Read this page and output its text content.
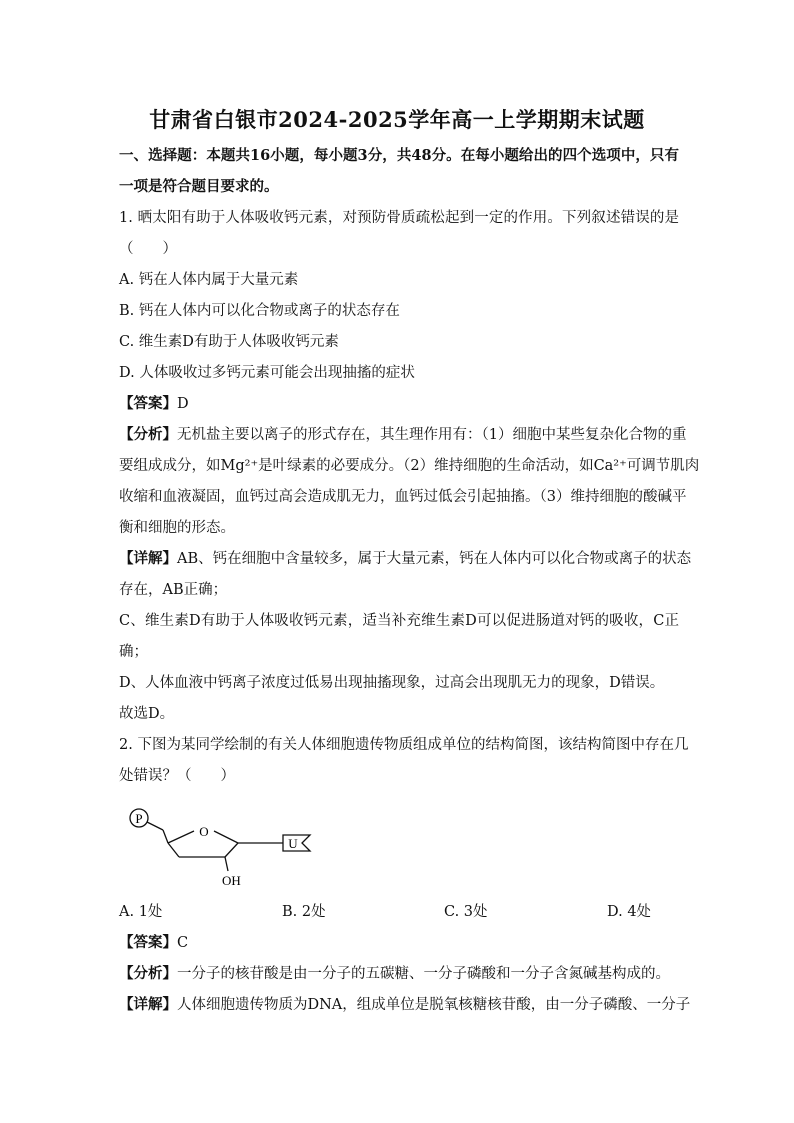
甘肃省白银市2024-2025学年高一上学期期末试题
一、选择题：本题共16小题，每小题3分，共48分。在每小题给出的四个选项中，只有
一项是符合题目要求的。
1. 晒太阳有助于人体吸收钙元素，对预防骨质疏松起到一定的作用。下列叙述错误的是
（　　）
A. 钙在人体内属于大量元素
B. 钙在人体内可以化合物或离子的状态存在
C. 维生素D有助于人体吸收钙元素
D. 人体吸收过多钙元素可能会出现抽搐的症状
【答案】D
【分析】无机盐主要以离子的形式存在，其生理作用有：（1）细胞中某些复杂化合物的重
要组成成分，如Mg²⁺是叶绿素的必要成分。（2）维持细胞的生命活动，如Ca²⁺可调节肌肉
收缩和血液凝固，血钙过高会造成肌无力，血钙过低会引起抽搐。（3）维持细胞的酸碱平
衡和细胞的形态。
【详解】AB、钙在细胞中含量较多，属于大量元素，钙在人体内可以化合物或离子的状态
存在，AB正确；
C、维生素D有助于人体吸收钙元素，适当补充维生素D可以促进肠道对钙的吸收，C正
确；
D、人体血液中钙离子浓度过低易出现抽搐现象，过高会出现肌无力的现象，D错误。
故选D。
2. 下图为某同学绘制的有关人体细胞遗传物质组成单位的结构简图，该结构简图中存在几
处错误？（　　）
P
O
OH
U
A. 1处	B. 2处	C. 3处	D. 4处
【答案】C
【分析】一分子的核苷酸是由一分子的五碳糖、一分子磷酸和一分子含氮碱基构成的。
【详解】人体细胞遗传物质为DNA，组成单位是脱氧核糖核苷酸，由一分子磷酸、一分子
